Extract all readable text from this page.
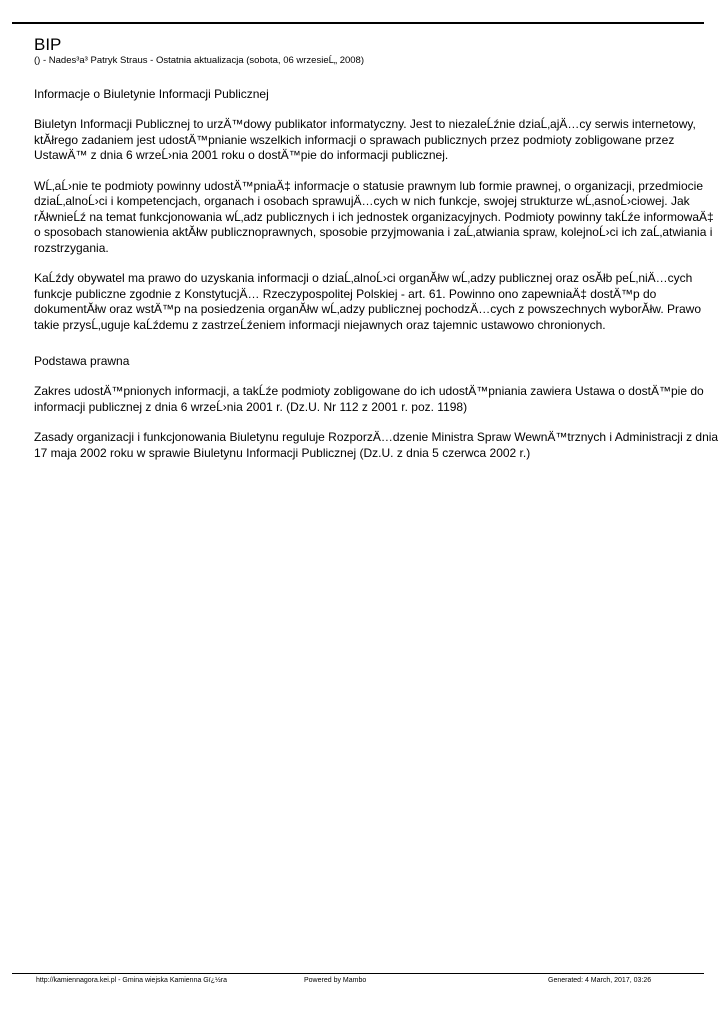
BIP

() - Nades³a³ Patryk Straus - Ostatnia aktualizacja (sobota, 06 wrzesieĹ„ 2008)

Informacje o Biuletynie Informacji Publicznej

Biuletyn Informacji Publicznej to urzÄ™dowy publikator informatyczny. Jest to niezaleĹźnie dziaĹ‚ajÄ…cy serwis internetowy, ktĂłrego zadaniem jest udostÄ™pnianie wszelkich informacji o sprawach publicznych przez podmioty zobligowane przez UstawÄ™ z dnia 6 wrzeĹ›nia 2001 roku o dostÄ™pie do informacji publicznej.

WĹ‚aĹ›nie te podmioty powinny udostÄ™pniaÄ‡ informacje o statusie prawnym lub formie prawnej, o organizacji, przedmiocie dziaĹ‚alnoĹ›ci i kompetencjach, organach i osobach sprawujÄ…cych w nich funkcje, swojej strukturze wĹ‚asnoĹ›ciowej. Jak rĂłwnieĹź na temat funkcjonowania wĹ‚adz publicznych i ich jednostek organizacyjnych. Podmioty powinny takĹźe informowaÄ‡ o sposobach stanowienia aktĂłw publicznoprawnych, sposobie przyjmowania i zaĹ‚atwiania spraw, kolejnoĹ›ci ich zaĹ‚atwiania i rozstrzygania.

KaĹźdy obywatel ma prawo do uzyskania informacji o dziaĹ‚alnoĹ›ci organĂłw wĹ‚adzy publicznej oraz osĂłb peĹ‚niÄ…cych funkcje publiczne zgodnie z KonstytucjÄ… Rzeczypospolitej Polskiej - art. 61. Powinno ono zapewniaÄ‡ dostÄ™p do dokumentĂłw oraz wstÄ™p na posiedzenia organĂłw wĹ‚adzy publicznej pochodzÄ…cych z powszechnych wyborĂłw. Prawo takie przysĹ‚uguje kaĹźdemu z zastrzeĹźeniem informacji niejawnych oraz tajemnic ustawowo chronionych.

Podstawa prawna

Zakres udostÄ™pnionych informacji, a takĹźe podmioty zobligowane do ich udostÄ™pniania zawiera Ustawa o dostÄ™pie do informacji publicznej z dnia 6 wrzeĹ›nia 2001 r. (Dz.U. Nr 112 z 2001 r. poz. 1198)

Zasady organizacji i funkcjonowania Biuletynu reguluje RozporzÄ…dzenie Ministra Spraw WewnÄ™trznych i Administracji z dnia 17 maja 2002 roku w sprawie Biuletynu Informacji Publicznej (Dz.U. z dnia 5 czerwca 2002 r.)

http://kamiennagora.kei.pl - Gmina wiejska Kamienna Gï¿½ra	Powered by Mambo	Generated: 4 March, 2017, 03:26
